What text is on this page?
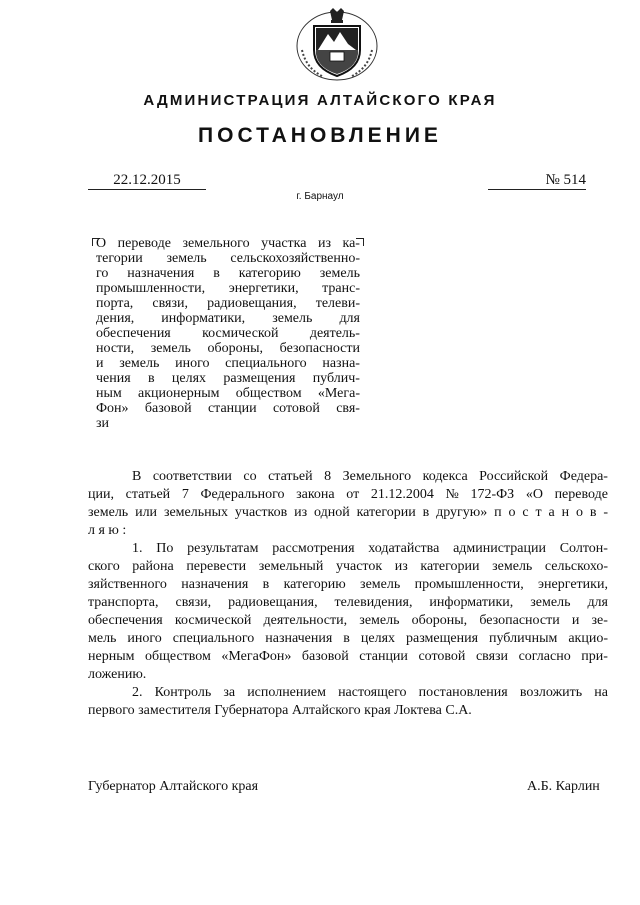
АДМИНИСТРАЦИЯ АЛТАЙСКОГО КРАЯ
ПОСТАНОВЛЕНИЕ
22.12.2015	№ 514
г. Барнаул
О переводе земельного участка из ка-
тегории земель сельскохозяйственно-
го назначения в категорию земель
промышленности, энергетики, транс-
порта, связи, радиовещания, телеви-
дения, информатики, земель для
обеспечения космической деятель-
ности, земель обороны, безопасности
и земель иного специального назна-
чения в целях размещения публич-
ным акционерным обществом «Мега-
Фон» базовой станции сотовой свя-
зи
В соответствии со статьей 8 Земельного кодекса Российской Федера-
ции, статьей 7 Федерального закона от 21.12.2004 № 172-ФЗ «О переводе
земель или земельных участков из одной категории в другую» п о с т а н о в -
л я ю :
1. По результатам рассмотрения ходатайства администрации Солтон-
ского района перевести земельный участок из категории земель сельскохо-
зяйственного назначения в категорию земель промышленности, энергетики,
транспорта, связи, радиовещания, телевидения, информатики, земель для
обеспечения космической деятельности, земель обороны, безопасности и зе-
мель иного специального назначения в целях размещения публичным акцио-
нерным обществом «МегаФон» базовой станции сотовой связи согласно при-
ложению.
2. Контроль за исполнением настоящего постановления возложить на
первого заместителя Губернатора Алтайского края Локтева С.А.
Губернатор Алтайского края	А.Б. Карлин
